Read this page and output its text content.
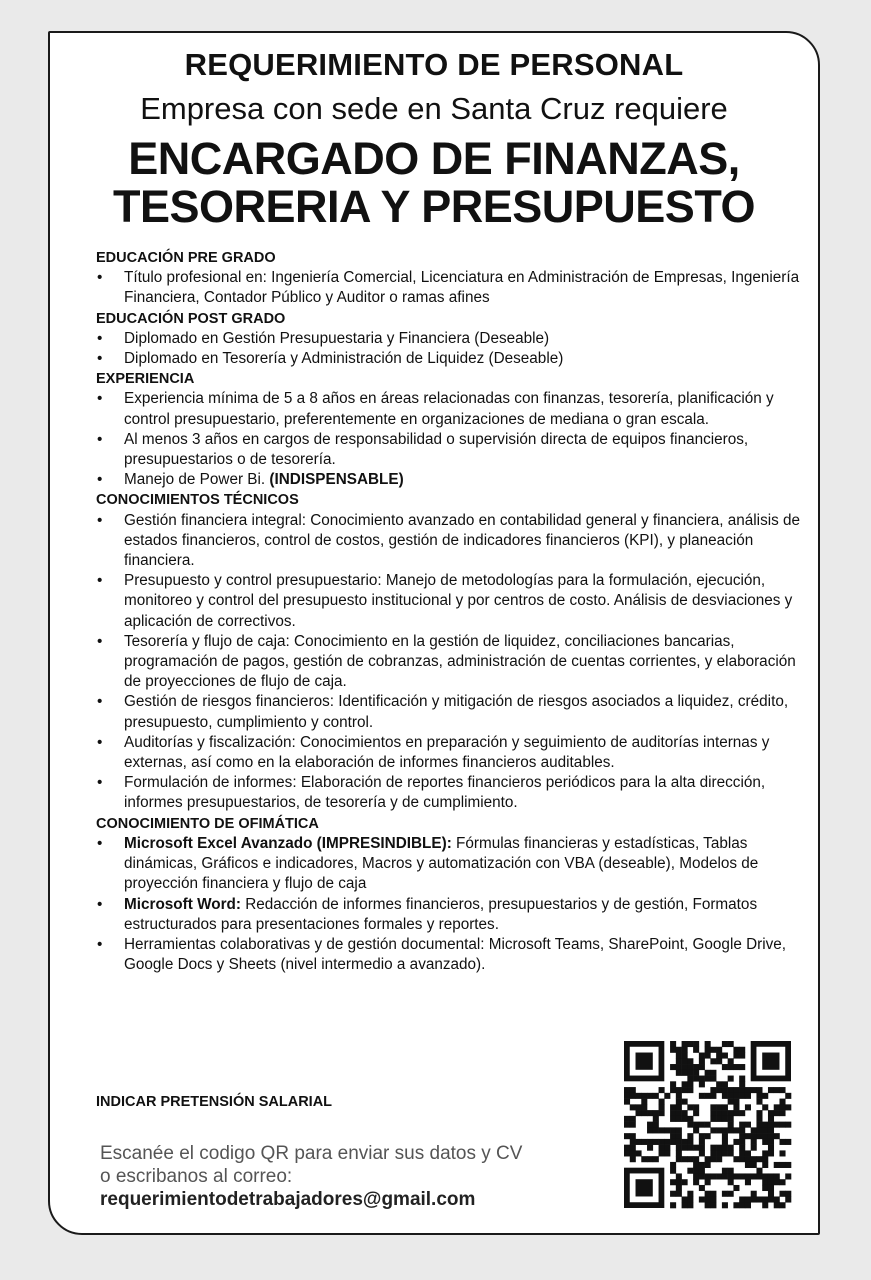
REQUERIMIENTO DE PERSONAL
Empresa con sede en Santa Cruz requiere
ENCARGADO DE FINANZAS,
TESORERIA Y PRESUPUESTO
EDUCACIÓN PRE GRADO
• Título profesional en: Ingeniería Comercial, Licenciatura en Administración de Empresas, Ingeniería Financiera, Contador Público y Auditor o ramas afines
EDUCACIÓN POST GRADO
• Diplomado en Gestión Presupuestaria y Financiera (Deseable)
• Diplomado en Tesorería y Administración de Liquidez (Deseable)
EXPERIENCIA
• Experiencia mínima de 5 a 8 años en áreas relacionadas con finanzas, tesorería, planificación y control presupuestario, preferentemente en organizaciones de mediana o gran escala.
• Al menos 3 años en cargos de responsabilidad o supervisión directa de equipos financieros, presupuestarios o de tesorería.
• Manejo de Power Bi. (INDISPENSABLE)
CONOCIMIENTOS TÉCNICOS
• Gestión financiera integral: Conocimiento avanzado en contabilidad general y financiera, análisis de estados financieros, control de costos, gestión de indicadores financieros (KPI), y planeación financiera.
• Presupuesto y control presupuestario: Manejo de metodologías para la formulación, ejecución, monitoreo y control del presupuesto institucional y por centros de costo. Análisis de desviaciones y aplicación de correctivos.
• Tesorería y flujo de caja: Conocimiento en la gestión de liquidez, conciliaciones bancarias, programación de pagos, gestión de cobranzas, administración de cuentas corrientes, y elaboración de proyecciones de flujo de caja.
• Gestión de riesgos financieros: Identificación y mitigación de riesgos asociados a liquidez, crédito, presupuesto, cumplimiento y control.
• Auditorías y fiscalización: Conocimientos en preparación y seguimiento de auditorías internas y externas, así como en la elaboración de informes financieros auditables.
• Formulación de informes: Elaboración de reportes financieros periódicos para la alta dirección, informes presupuestarios, de tesorería y de cumplimiento.
CONOCIMIENTO DE OFIMÁTICA
• Microsoft Excel Avanzado (IMPRESINDIBLE): Fórmulas financieras y estadísticas, Tablas dinámicas, Gráficos e indicadores, Macros y automatización con VBA (deseable), Modelos de proyección financiera y flujo de caja
• Microsoft Word: Redacción de informes financieros, presupuestarios y de gestión, Formatos estructurados para presentaciones formales y reportes.
• Herramientas colaborativas y de gestión documental: Microsoft Teams, SharePoint, Google Drive, Google Docs y Sheets (nivel intermedio a avanzado).
INDICAR PRETENSIÓN SALARIAL
Escanée el codigo QR para enviar sus datos y CV
o escribanos al correo:
requerimientodetrabajadores@gmail.com
